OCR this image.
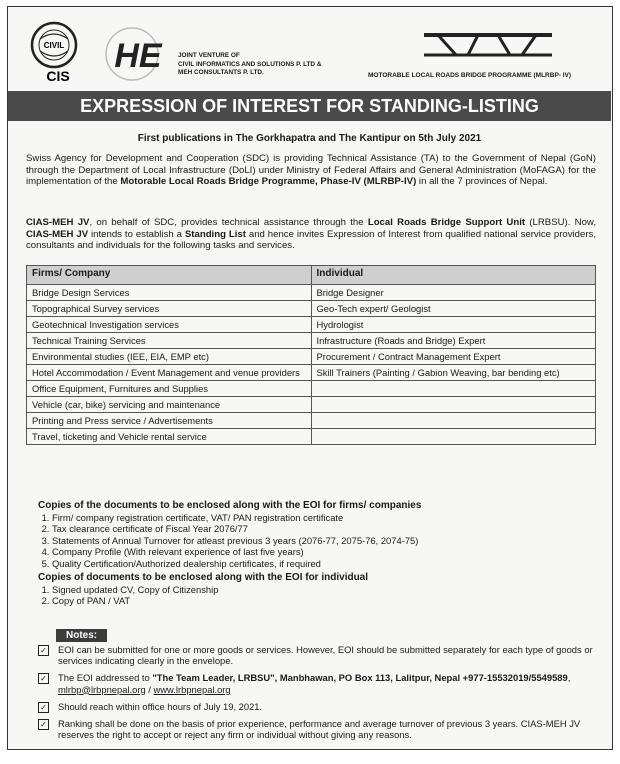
CIVIL
CIS
HE	JOINT VENTURE OF
CIVIL INFORMATICS AND SOLUTIONS P. LTD &
MEH CONSULTANTS P. LTD.	MOTORABLE LOCAL ROADS BRIDGE PROGRAMME (MLRBP- IV)
EXPRESSION OF INTEREST FOR STANDING-LISTING
First publications in The Gorkhapatra and The Kantipur on 5th July 2021
Swiss Agency for Development and Cooperation (SDC) is providing Technical Assistance (TA) to the Government of Nepal (GoN) through the Department of Local Infrastructure (DoLI) under Ministry of Federal Affairs and General Administration (MoFAGA) for the implementation of the Motorable Local Roads Bridge Programme, Phase-IV (MLRBP-IV) in all the 7 provinces of Nepal.
CIAS-MEH JV, on behalf of SDC, provides technical assistance through the Local Roads Bridge Support Unit (LRBSU). Now, CIAS-MEH JV intends to establish a Standing List and hence invites Expression of Interest from qualified national service providers, consultants and individuals for the following tasks and services.
Firms/ Company	Individual
Bridge Design Services	Bridge Designer
Topographical Survey services	Geo-Tech expert/ Geologist
Geotechnical Investigation services	Hydrologist
Technical Training Services	Infrastructure (Roads and Bridge) Expert
Environmental studies (IEE, EIA, EMP etc)	Procurement / Contract Management Expert
Hotel Accommodation / Event Management and venue providers	Skill Trainers (Painting / Gabion Weaving, bar bending etc)
Office Equipment, Furnitures and Supplies	
Vehicle (car, bike) servicing and maintenance	
Printing and Press service / Advertisements	
Travel, ticketing and Vehicle rental service	
Copies of the documents to be enclosed along with the EOI for firms/ companies
1. Firm/ company registration certificate, VAT/ PAN registration certificate
2. Tax clearance certificate of Fiscal Year 2076/77
3. Statements of Annual Turnover for atleast previous 3 years (2076-77, 2075-76, 2074-75)
4. Company Profile (With relevant experience of last five years)
5. Quality Certification/Authorized dealership certificates, if required
Copies of documents to be enclosed along with the EOI for individual
1. Signed updated CV, Copy of Citizenship
2. Copy of PAN / VAT
Notes:
✓ EOI can be submitted for one or more goods or services. However, EOI should be submitted separately for each type of goods or services indicating clearly in the envelope.
✓ The EOI addressed to "The Team Leader, LRBSU", Manbhawan, PO Box 113, Lalitpur, Nepal +977-15532019/5549589, mlrbp@lrbpnepal.org / www.lrbpnepal.org
✓ Should reach within office hours of July 19, 2021.
✓ Ranking shall be done on the basis of prior experience, performance and average turnover of previous 3 years. CIAS-MEH JV reserves the right to accept or reject any firm or individual without giving any reasons.
